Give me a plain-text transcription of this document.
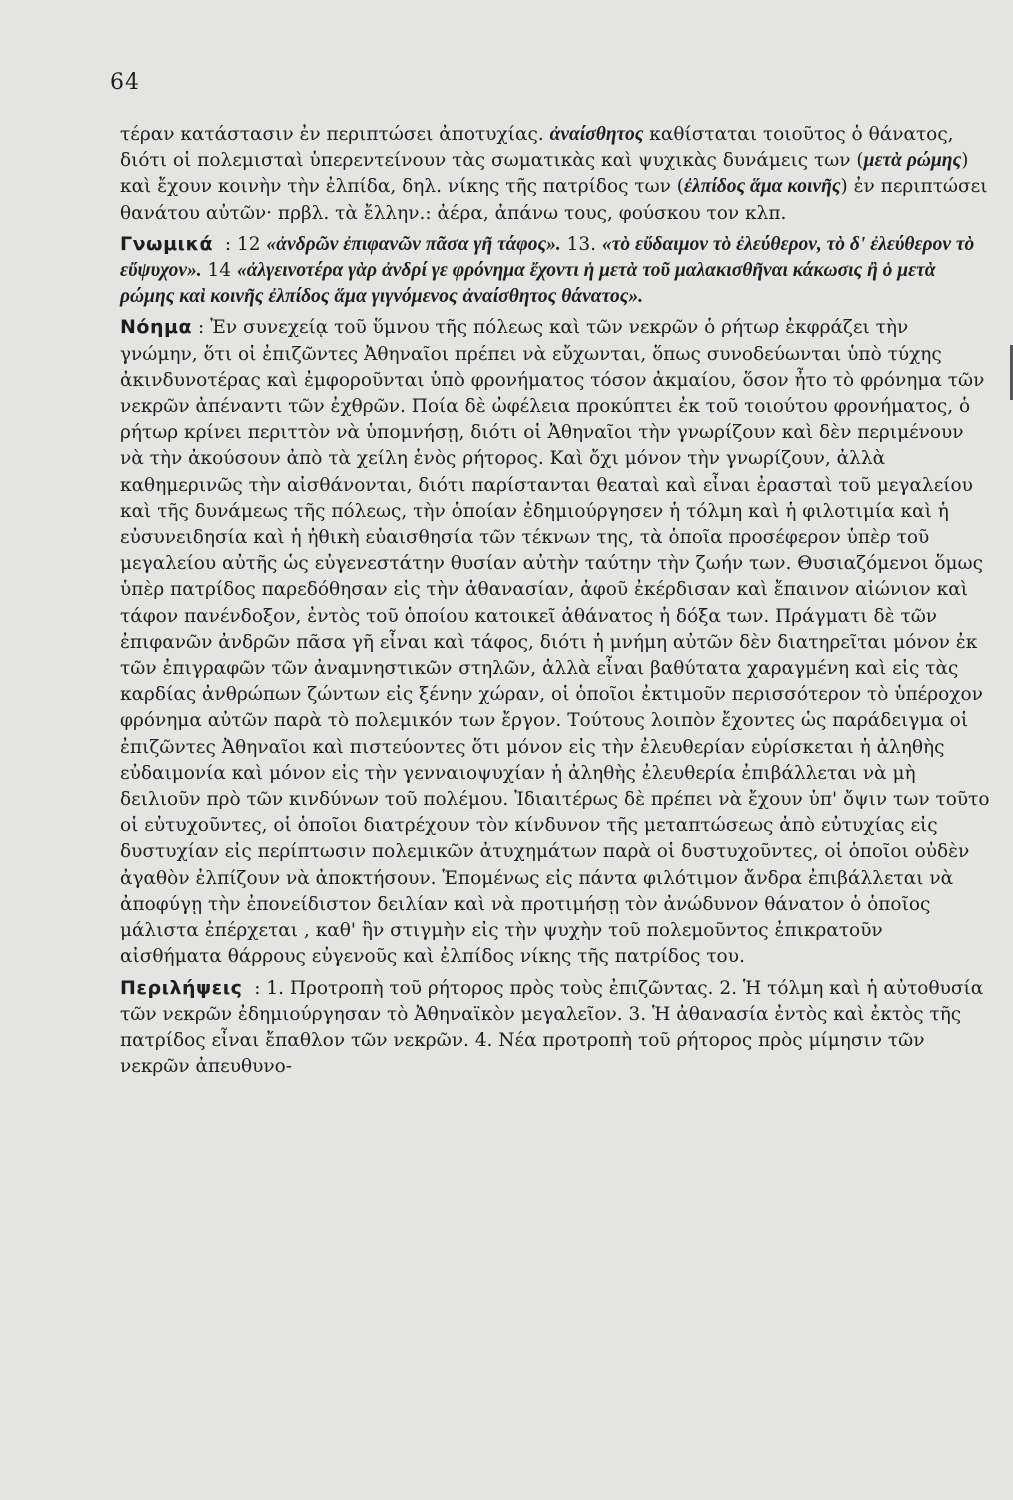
64

τέραν κατάστασιν ἐν περιπτώσει ἀποτυχίας. ἀναίσθητος καθίσταται τοιοῦτος ὁ θάνατος, διότι οἱ πολεμισταὶ ὑπερεντείνουν τὰς σωματικὰς καὶ ψυχικὰς δυνάμεις των (μετὰ ρώμης) καὶ ἔχουν κοινὴν τὴν ἐλπίδα, δηλ. νίκης τῆς πατρίδος των (ἐλπίδος ἅμα κοινῆς) ἐν περιπτώσει θανάτου αὐτῶν· πρβλ. τὰ ἔλλην.: ἀέρα, ἀπάνω τους, φούσκου τον κλπ.

Γνωμικά : 12 «ἀνδρῶν ἐπιφανῶν πᾶσα γῆ τάφος». 13. «τὸ εὔδαιμον τὸ ἐλεύθερον, τὸ δ' ἐλεύθερον τὸ εὔψυχον». 14 «ἀλγεινοτέρα γὰρ ἀνδρί γε φρόνημα ἔχοντι ἡ μετὰ τοῦ μαλακισθῆναι κάκωσις ἢ ὁ μετὰ ρώμης καὶ κοινῆς ἐλπίδος ἅμα γιγνόμενος ἀναίσθητος θάνατος».

Νόημα : Ἐν συνεχείᾳ τοῦ ὕμνου τῆς πόλεως καὶ τῶν νεκρῶν ὁ ρήτωρ ἐκφράζει τὴν γνώμην, ὅτι οἱ ἐπιζῶντες Ἀθηναῖοι πρέπει νὰ εὔχωνται, ὅπως συνοδεύωνται ὑπὸ τύχης ἀκινδυνοτέρας καὶ ἐμφοροῦνται ὑπὸ φρονήματος τόσον ἀκμαίου, ὅσον ἦτο τὸ φρόνημα τῶν νεκρῶν ἀπέναντι τῶν ἐχθρῶν. Ποία δὲ ὠφέλεια προκύπτει ἐκ τοῦ τοιούτου φρονήματος, ὁ ρήτωρ κρίνει περιττὸν νὰ ὑπομνήσῃ, διότι οἱ Ἀθηναῖοι τὴν γνωρίζουν καὶ δὲν περιμένουν νὰ τὴν ἀκούσουν ἀπὸ τὰ χείλη ἑνὸς ρήτορος. Καὶ ὄχι μόνον τὴν γνωρίζουν, ἀλλὰ καθημερινῶς τὴν αἰσθάνονται, διότι παρίστανται θεαταὶ καὶ εἶναι ἐρασταὶ τοῦ μεγαλείου καὶ τῆς δυνάμεως τῆς πόλεως, τὴν ὁποίαν ἐδημιούργησεν ἡ τόλμη καὶ ἡ φιλοτιμία καὶ ἡ εὐσυνειδησία καὶ ἡ ἠθικὴ εὐαισθησία τῶν τέκνων της, τὰ ὁποῖα προσέφερον ὑπὲρ τοῦ μεγαλείου αὐτῆς ὡς εὐγενεστάτην θυσίαν αὐτὴν ταύτην τὴν ζωήν των. Θυσιαζόμενοι ὅμως ὑπὲρ πατρίδος παρεδόθησαν εἰς τὴν ἀθανασίαν, ἀφοῦ ἐκέρδισαν καὶ ἔπαινον αἰώνιον καὶ τάφον πανένδοξον, ἐντὸς τοῦ ὁποίου κατοικεῖ ἀθάνατος ἡ δόξα των. Πράγματι δὲ τῶν ἐπιφανῶν ἀνδρῶν πᾶσα γῆ εἶναι καὶ τάφος, διότι ἡ μνήμη αὐτῶν δὲν διατηρεῖται μόνον ἐκ τῶν ἐπιγραφῶν τῶν ἀναμνηστικῶν στηλῶν, ἀλλὰ εἶναι βαθύτατα χαραγμένη καὶ εἰς τὰς καρδίας ἀνθρώπων ζώντων εἰς ξένην χώραν, οἱ ὁποῖοι ἐκτιμοῦν περισσότερον τὸ ὑπέροχον φρόνημα αὐτῶν παρὰ τὸ πολεμικόν των ἔργον. Τούτους λοιπὸν ἔχοντες ὡς παράδειγμα οἱ ἐπιζῶντες Ἀθηναῖοι καὶ πιστεύοντες ὅτι μόνον εἰς τὴν ἐλευθερίαν εὑρίσκεται ἡ ἀληθὴς εὐδαιμονία καὶ μόνον εἰς τὴν γενναιοψυχίαν ἡ ἀληθὴς ἐλευθερία ἐπιβάλλεται νὰ μὴ δειλιοῦν πρὸ τῶν κινδύνων τοῦ πολέμου. Ἰδιαιτέρως δὲ πρέπει νὰ ἔχουν ὑπ' ὄψιν των τοῦτο οἱ εὐτυχοῦντες, οἱ ὁποῖοι διατρέχουν τὸν κίνδυνον τῆς μεταπτώσεως ἀπὸ εὐτυχίας εἰς δυστυχίαν εἰς περίπτωσιν πολεμικῶν ἀτυχημάτων παρὰ οἱ δυστυχοῦντες, οἱ ὁποῖοι οὐδὲν ἀγαθὸν ἐλπίζουν νὰ ἀποκτήσουν. Ἑπομένως εἰς πάντα φιλότιμον ἄνδρα ἐπιβάλλεται νὰ ἀποφύγῃ τὴν ἐπονείδιστον δειλίαν καὶ νὰ προτιμήσῃ τὸν ἀνώδυνον θάνατον ὁ ὁποῖος μάλιστα ἐπέρχεται , καθ' ἣν στιγμὴν εἰς τὴν ψυχὴν τοῦ πολεμοῦντος ἐπικρατοῦν αἰσθήματα θάρρους εὐγενοῦς καὶ ἐλπίδος νίκης τῆς πατρίδος του.

Περιλήψεις : 1. Προτροπὴ τοῦ ρήτορος πρὸς τοὺς ἐπιζῶντας. 2. Ἡ τόλμη καὶ ἡ αὐτοθυσία τῶν νεκρῶν ἐδημιούργησαν τὸ Ἀθηναϊκὸν μεγαλεῖον. 3. Ἡ ἀθανασία ἐντὸς καὶ ἐκτὸς τῆς πατρίδος εἶναι ἔπαθλον τῶν νεκρῶν. 4. Νέα προτροπὴ τοῦ ρήτορος πρὸς μίμησιν τῶν νεκρῶν ἀπευθυνο-
